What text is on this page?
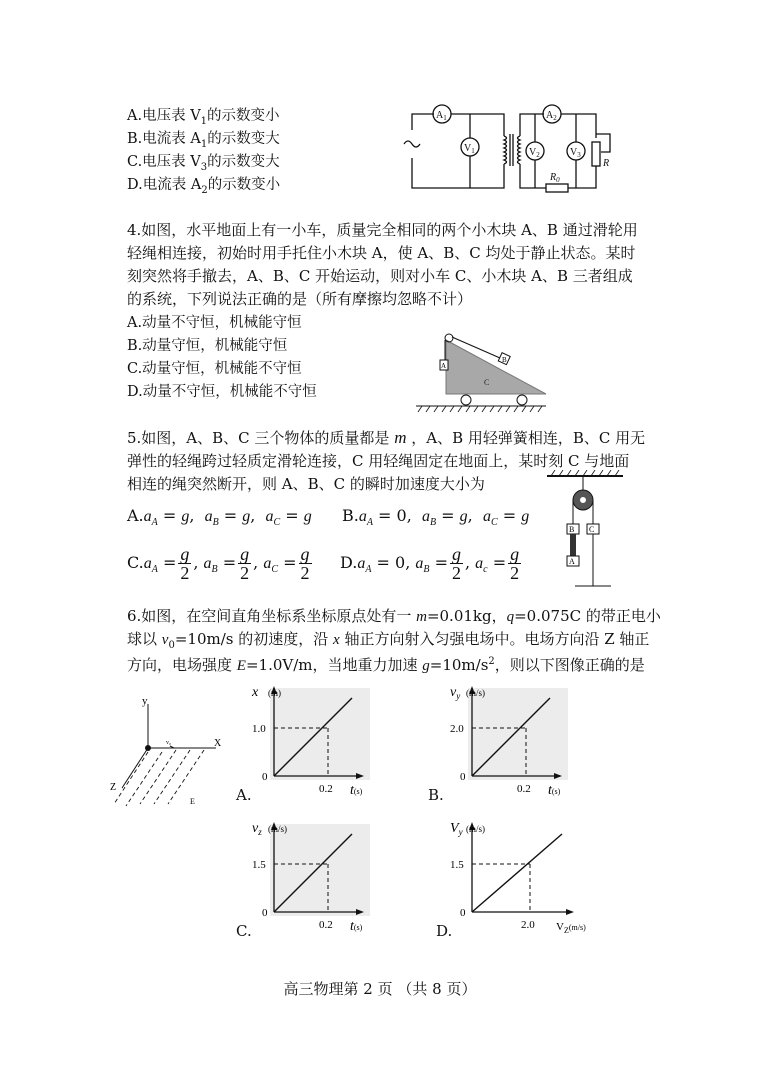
A.电压表 $V_1$的示数变小
B.电流表 $A_1$的示数变大
C.电压表 $V_3$的示数变大
D.电流表 $A_2$的示数变小
$A_1$
$V_1$
$A_2$
$V_2$	$V_3$
R
$R_0$
4.如图，水平地面上有一小车，质量完全相同的两个小木块 A、B 通过滑轮用
轻绳相连接，初始时用手托住小木块 A，使 A、B、C 均处于静止状态。某时
刻突然将手撤去，A、B、C 开始运动，则对小车 C、小木块 A、B 三者组成
的系统，下列说法正确的是（所有摩擦均忽略不计）
A.动量不守恒，机械能守恒
B.动量守恒，机械能守恒
C.动量守恒，机械能不守恒
D.动量不守恒，机械能不守恒
A
B
C
5.如图，A、B、C 三个物体的质量都是 m ，A、B 用轻弹簧相连，B、C 用无
弹性的轻绳跨过轻质定滑轮连接，C 用轻绳固定在地面上，某时刻 C 与地面
相连的绳突然断开，则 A、B、C 的瞬时加速度大小为
$A.a_A = g$,  $a_B = g$,  $a_C = g$ $B.a_A = 0$,  $a_B = g$,  $a_C = g$
$C.a_A = \frac{g}{2}$ , $a_B = \frac{g}{2}$ , $a_C = \frac{g}{2} D.a_A = 0$, $a_B = \frac{g}{2}$ , $a_c = \frac{g}{2}$
B C
A
6.如图，在空间直角坐标系坐标原点处有一 m=0.01kg，q=0.075C 的带正电小
球以 $v_0=10m/s$ 的初速度，沿 x 轴正方向射入匀强电场中。电场方向沿 Z 轴正
方向，电场强度 E=1.0V/m，当地重力加速 $g=10m/s^2$，则以下图像正确的是
y
X
Z
E
v₀
x (m)
1.0
0
0.2 t(s)
A.
$v_y$ (m/s)
2.0
0
0.2 t(s)
B.
$v_z$ (m/s)
1.5
0
0.2 t(s)
C.
$V_y$ (m/s)
1.5
0
2.0 $V_Z^{(m/s)}$
D.
高三物理第 2 页 （共 8 页）
